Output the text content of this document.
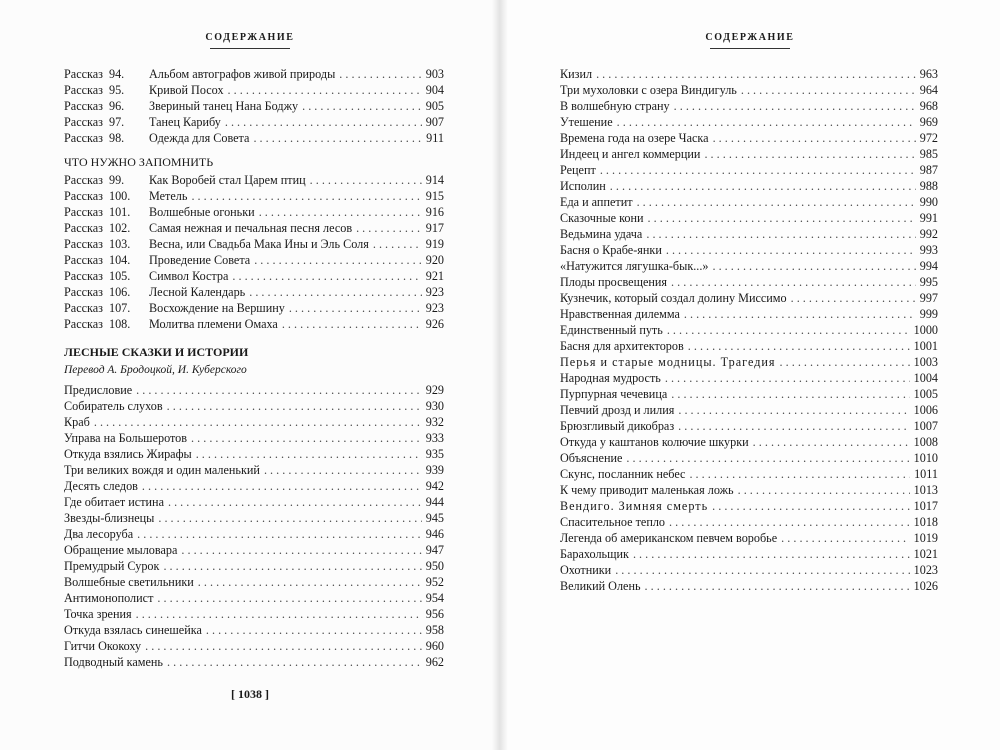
СОДЕРЖАНИЕ
Рассказ 94. Альбом автографов живой природы . . .	903
Рассказ 95. Кривой Посох . . .	904
Рассказ 96. Звериный танец Нана Боджу . . .	905
Рассказ 97. Танец Карибу . . .	907
Рассказ 98. Одежда для Совета . . .	911
ЧТО НУЖНО ЗАПОМНИТЬ
Рассказ 99. Как Воробей стал Царем птиц . . .	914
Рассказ 100. Метель . . .	915
Рассказ 101. Волшебные огоньки . . .	916
Рассказ 102. Самая нежная и печальная песня лесов . . .	917
Рассказ 103. Весна, или Свадьба Мака Ины и Эль Соля . . .	919
Рассказ 104. Проведение Совета . . .	920
Рассказ 105. Символ Костра . . .	921
Рассказ 106. Лесной Календарь . . .	923
Рассказ 107. Восхождение на Вершину . . .	923
Рассказ 108. Молитва племени Омаха . . .	926
ЛЕСНЫЕ СКАЗКИ И ИСТОРИИ
Перевод А. Бродоцкой, И. Куберского
Предисловие . . .	929
Собиратель слухов . . .	930
Краб . . .	932
Управа на Большеротов . . .	933
Откуда взялись Жирафы . . .	935
Три великих вождя и один маленький . . .	939
Десять следов . . .	942
Где обитает истина . . .	944
Звезды-близнецы . . .	945
Два лесоруба . . .	946
Обращение мыловара . . .	947
Премудрый Сурок . . .	950
Волшебные светильники . . .	952
Антимонополист . . .	954
Точка зрения . . .	956
Откуда взялась синешейка . . .	958
Гитчи Ококоху . . .	960
Подводный камень . . .	962
[ 1038 ]
СОДЕРЖАНИЕ
Кизил . . .	963
Три мухоловки с озера Виндигуль . . .	964
В волшебную страну . . .	968
Утешение . . .	969
Времена года на озере Часка . . .	972
Индеец и ангел коммерции . . .	985
Рецепт . . .	987
Исполин . . .	988
Еда и аппетит . . .	990
Сказочные кони . . .	991
Ведьмина удача . . .	992
Басня о Крабе-янки . . .	993
«Натужится лягушка-бык...» . . .	994
Плоды просвещения . . .	995
Кузнечик, который создал долину Миссимо . . .	997
Нравственная дилемма . . .	999
Единственный путь . . .	1000
Басня для архитекторов . . .	1001
Перья и старые модницы. Трагедия . . .	1003
Народная мудрость . . .	1004
Пурпурная чечевица . . .	1005
Певчий дрозд и лилия . . .	1006
Брюзгливый дикобраз . . .	1007
Откуда у каштанов колючие шкурки . . .	1008
Объяснение . . .	1010
Скунс, посланник небес . . .	1011
К чему приводит маленькая ложь . . .	1013
Вендиго. Зимняя смерть . . .	1017
Спасительное тепло . . .	1018
Легенда об американском певчем воробье . . .	1019
Барахольщик . . .	1021
Охотники . . .	1023
Великий Олень . . .	1026
